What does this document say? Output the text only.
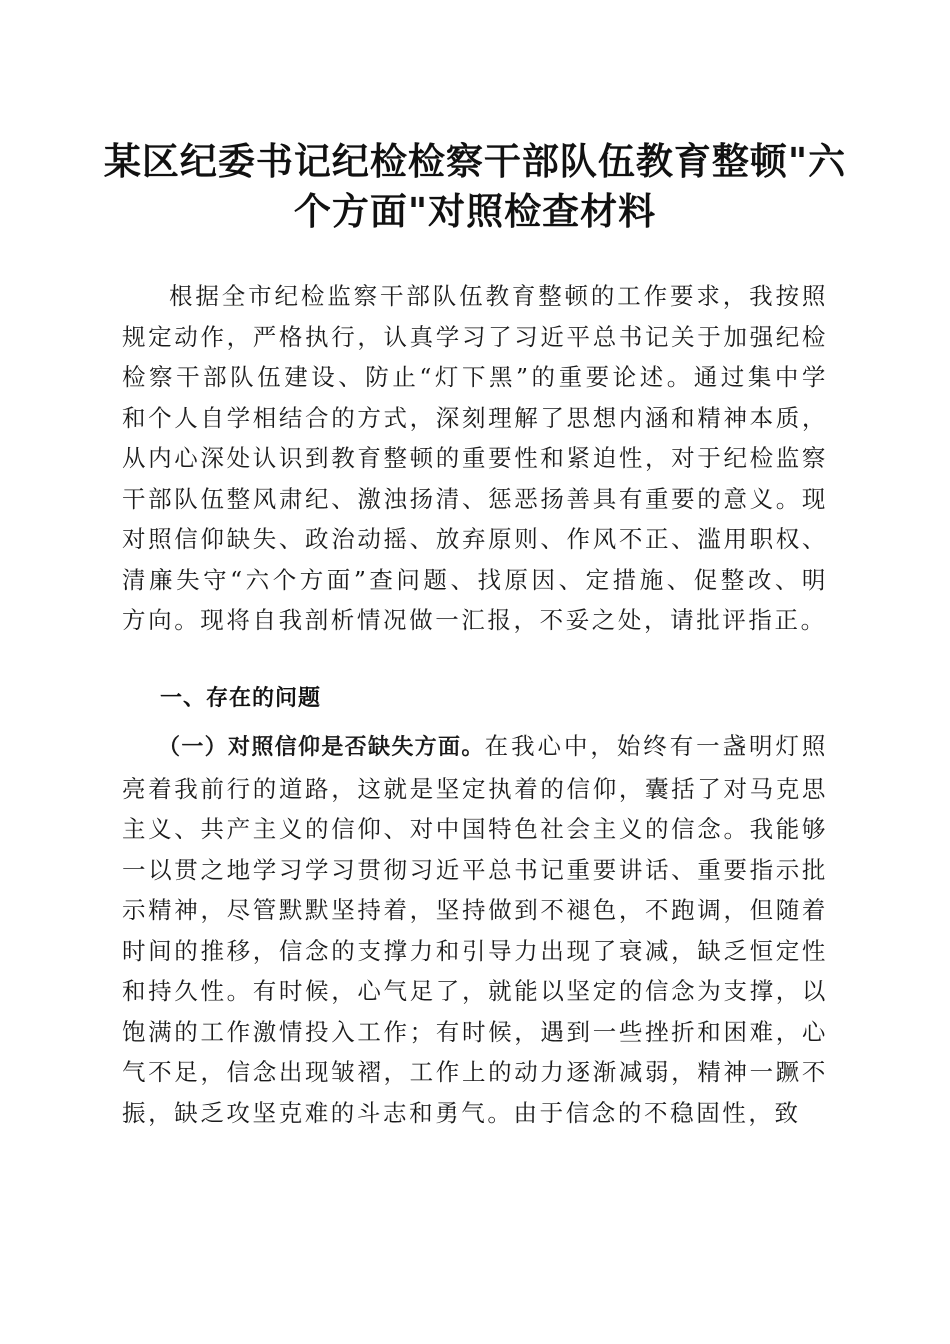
某区纪委书记纪检检察干部队伍教育整顿"六个方面"对照检查材料

根据全市纪检监察干部队伍教育整顿的工作要求，我按照规定动作，严格执行，认真学习了习近平总书记关于加强纪检检察干部队伍建设、防止“灯下黑”的重要论述。通过集中学和个人自学相结合的方式，深刻理解了思想内涵和精神本质，从内心深处认识到教育整顿的重要性和紧迫性，对于纪检监察干部队伍整风肃纪、激浊扬清、惩恶扬善具有重要的意义。现对照信仰缺失、政治动摇、放弃原则、作风不正、滥用职权、清廉失守“六个方面”查问题、找原因、定措施、促整改、明方向。现将自我剖析情况做一汇报，不妥之处，请批评指正。

一、存在的问题

（一）对照信仰是否缺失方面。在我心中，始终有一盏明灯照亮着我前行的道路，这就是坚定执着的信仰，囊括了对马克思主义、共产主义的信仰、对中国特色社会主义的信念。我能够一以贯之地学习学习贯彻习近平总书记重要讲话、重要指示批示精神，尽管默默坚持着，坚持做到不褪色，不跑调，但随着时间的推移，信念的支撑力和引导力出现了衰减，缺乏恒定性和持久性。有时候，心气足了，就能以坚定的信念为支撑，以饱满的工作激情投入工作；有时候，遇到一些挫折和困难，心气不足，信念出现皱褶，工作上的动力逐渐减弱，精神一蹶不振，缺乏攻坚克难的斗志和勇气。由于信念的不稳固性，致
